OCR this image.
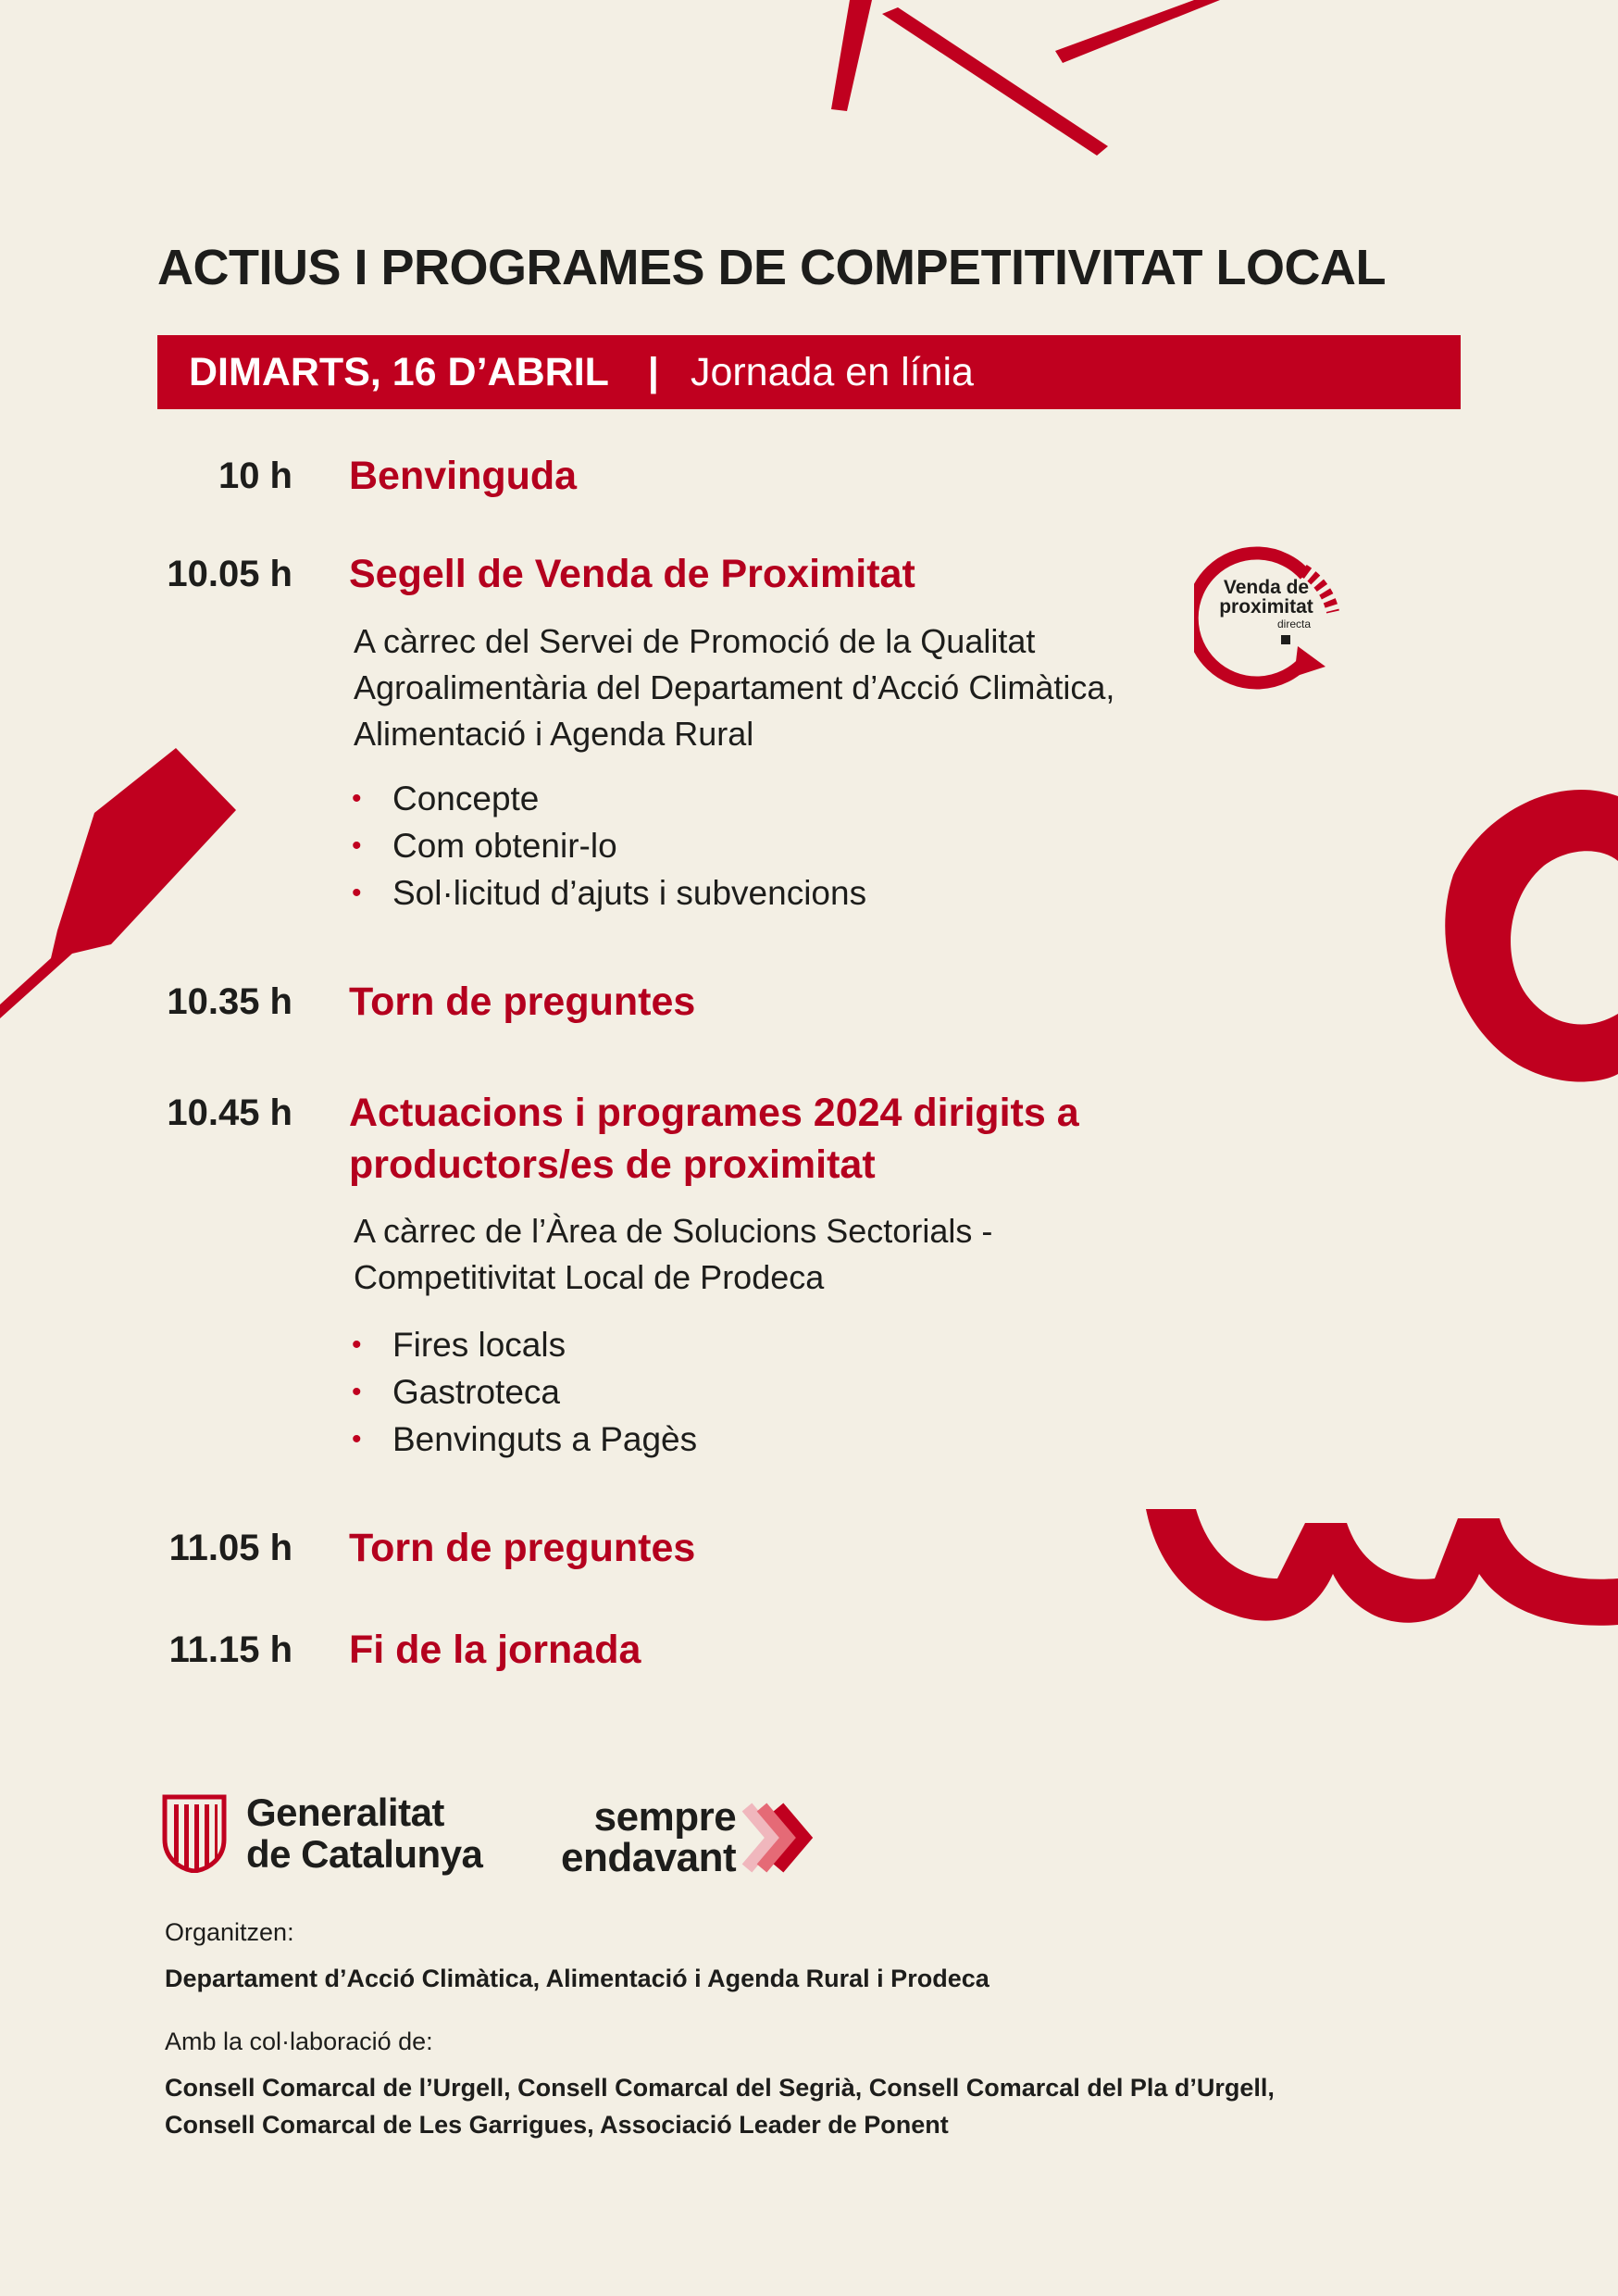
ACTIUS I PROGRAMES DE COMPETITIVITAT LOCAL
DIMARTS, 16 D’ABRIL | Jornada en línia
10 h Benvinguda
10.05 h Segell de Venda de Proximitat
A càrrec del Servei de Promoció de la Qualitat
Agroalimentària del Departament d’Acció Climàtica,
Alimentació i Agenda Rural
• Concepte
• Com obtenir-lo
• Sol·licitud d’ajuts i subvencions
Venda de
proximitat
directa
10.35 h Torn de preguntes
10.45 h Actuacions i programes 2024 dirigits a
productors/es de proximitat
A càrrec de l’Àrea de Solucions Sectorials -
Competitivitat Local de Prodeca
• Fires locals
• Gastroteca
• Benvinguts a Pagès
11.05 h Torn de preguntes
11.15 h Fi de la jornada
Generalitat
de Catalunya
sempre
endavant
Organitzen:
Departament d’Acció Climàtica, Alimentació i Agenda Rural i Prodeca
Amb la col·laboració de:
Consell Comarcal de l’Urgell, Consell Comarcal del Segrià, Consell Comarcal del Pla d’Urgell,
Consell Comarcal de Les Garrigues, Associació Leader de Ponent
